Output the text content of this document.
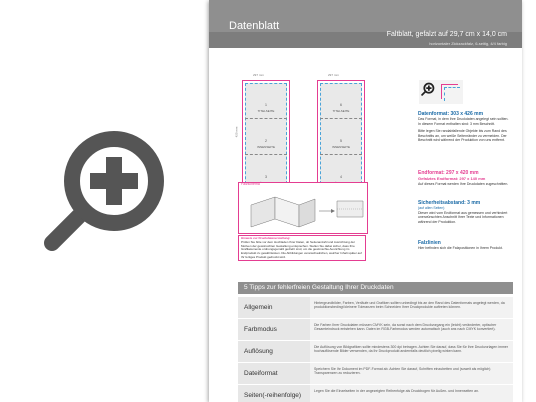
Datenblatt
Faltblatt, gefalzt auf 29,7 cm x 14,0 cm
horizontaler Zickzackfalz, 6-seitig, 4/4 farbig
297 mm
1
TITELSEITE
2
INNENSEITE
3
297 mm
6
TITELSEITE
5
INNENSEITE
4
420 mm
Datenformat: 303 x 426 mm
Das Format, in dem Ihre Druckdaten angelegt sein sollten. In diesem Format enthalten sind: 3 mm Beschnitt.
Bitte legen Sie randabfallende Objekte bis zum Rand des Beschnitts an, um weiße Seitenränder zu vermeiden. Der Beschnitt wird während der Produktion von uns entfernt.
Endformat: 297 x 420 mm
Gefalztes Endformat: 297 x 140 mm
Auf dieses Format werden Ihre Druckdaten zugeschnitten.
Sicherheitsabstand: 3 mm
(auf allen Seiten)
Dieser wird vom Endformat aus gemessen und verhindert unerwünschten Anschnitt Ihrer Texte und Informationen während der Produktion.
Falzlinien
Hier befinden sich die Falzpositionen in Ihrem Produkt.
Falzschema
Hinweis zur Druckdatenerstellung:
Prüfen Sie bitte vor dem Hochladen Ihrer Daten, ob Seitenanzahl und Ausrichtung der Motiven der gewünschten Gestaltung entsprechen. Stellen Sie dabei sicher, dass Ihre Grafikelemente ordnungsgemäß gedreht sind, um die gewünschte Ausrichtung im Endprodukt zu gewährleisten. Die Abbildungen veranschaulichen, welcher Inhalt später auf Ihr fertiges Produkt gedruckt wird.
5 Tipps zur fehlerfreien Gestaltung Ihrer Druckdaten
Allgemein
Hintergrundbilder, Farben, Verläufe und Grafiken sollten unbedingt bis an den Rand des Datenformats angelegt werden, da produktionsbedingt kleinere Toleranzen beim Schneiden Ihrer Druckprodukte auftreten können.
Farbmodus
Die Farben Ihrer Druckdaten müssen CMYK sein, da sonst nach dem Druckvorgang ein (leicht) veränderter, optischer Gesamteindruck entstehen kann. Daten im RGB-Farbmodus werden automatisch (auch ans nach CMYK konvertiert).
Auflösung
Die Auflösung von Bildgrafiken sollte mindestens 300 dpi betragen. Achten Sie darauf, dass Sie für Ihre Druckvorlagen immer hochauflösende Bilder verwenden, da Ihr Druckprodukt andernfalls deutlich pixelig wirken kann.
Dateiformat
Speichern Sie Ihr Dokument im PDF-Format ab. Achten Sie darauf, Schriften einzubetten und (soweit als möglich) Transparenzen zu reduzieren.
Seiten(-reihenfolge)
Legen Sie die Einzelseiten in der angezeigten Reihenfolge als Druckbogen für Außen- und Innenseiten an.
